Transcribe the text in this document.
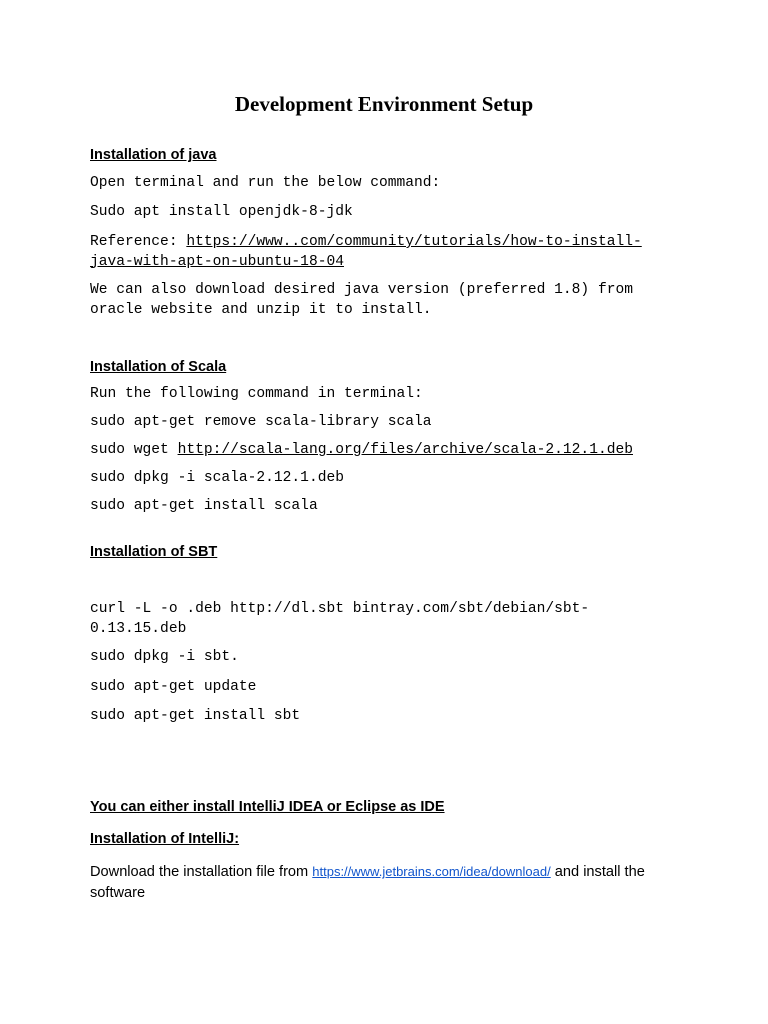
Development Environment Setup

Installation of java

Open terminal and run the below command:

Sudo apt install openjdk-8-jdk

Reference: https://www..com/community/tutorials/how-to-install-java-with-apt-on-ubuntu-18-04

We can also download desired java version (preferred 1.8) from oracle website and unzip it to install.

Installation of Scala

Run the following command in terminal:

sudo apt-get remove scala-library scala

sudo wget http://scala-lang.org/files/archive/scala-2.12.1.deb

sudo dpkg -i scala-2.12.1.deb

sudo apt-get install scala

Installation of SBT

curl -L -o .deb http://dl.sbt bintray.com/sbt/debian/sbt-0.13.15.deb

sudo dpkg -i sbt.

sudo apt-get update

sudo apt-get install sbt

You can either install IntelliJ IDEA or Eclipse as IDE

Installation of IntelliJ:

Download the installation file from https://www.jetbrains.com/idea/download/ and install the software
